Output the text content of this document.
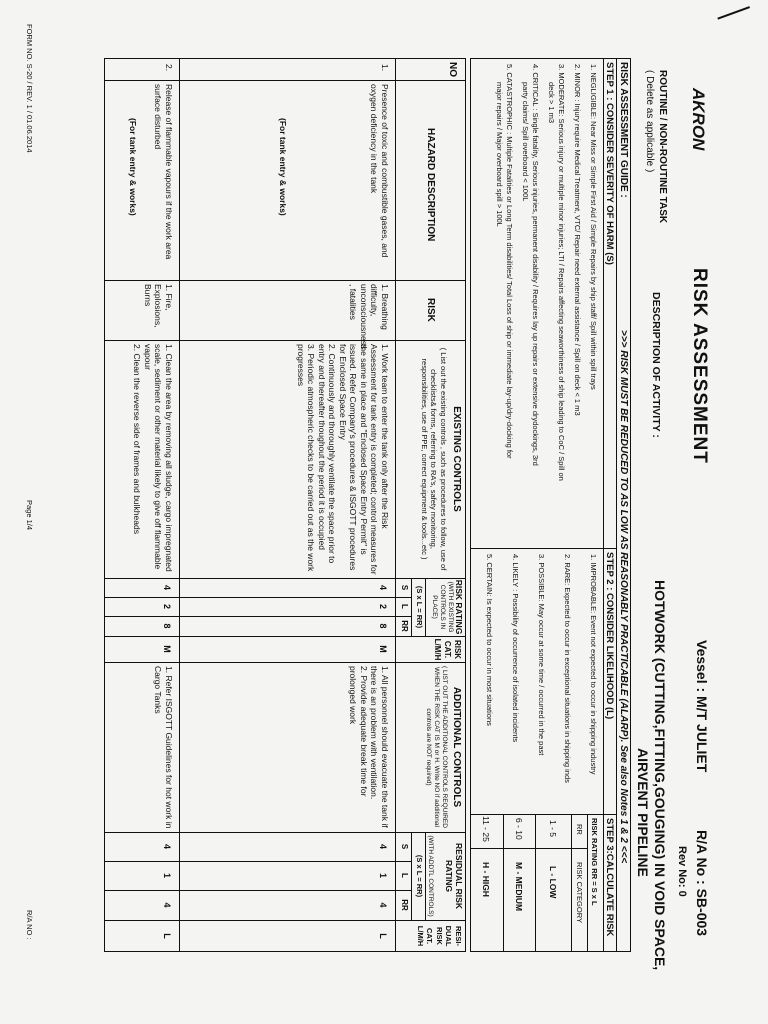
AKRON
RISK ASSESSMENT
Vessel : M/T JULIET
R/A No : SB-003
Rev No: 0
ROUTINE / NON-ROUTINE TASK
( Delete as applicable )
DESCRIPTION OF ACTIVITY :
HOTWORK (CUTTING,FITTING,GOUGING) IN VOID SPACE,
AIRVENT PIPELINE
RISK ASSESSMENT GUIDE :
>>> RISK MUST BE REDUCED TO AS LOW AS REASONABLY PRACTICABLE (ALARP). See also Notes 1 & 2 <<<
STEP 1 : CONSIDER SEVERITY OF HARM (S)
STEP 2 : CONSIDER LIKELIHOOD (L)
STEP 3:CALCULATE RISK
1. NEGLIGIBLE: Near Miss or Simple First Aid / Simple Repairs by ship staff/ Spill within spill trays
2. MINOR : Injury require Medical Treatment, VTC/ Repair need external assistance / Spill on deck < 1 m3
3. MODERATE: Serious injury or multiple minor injuries; LTI / Repairs affecting seaworthiness of ship leading to CoC / Spill on
deck > 1 m3
4. CRITICAL : Single fatality, Serious injuries, permanent disability / Requires lay up repairs or extensive drydockings, 3rd
party claims/ Spill overboard < 100L
5. CATASTROPHIC : Multiple Fatalities or Long Term disabilities/ Total Loss of ship or immediate lay-up/dry-docking for
major repairs / Major overboard spill > 100L
1. IMPROBABLE: Event not expected to occur in shipping industry
2. RARE: Expected to occur in exceptional situations in shipping inds
3. POSSIBLE: May occur at some time / occurred in the past
4. LIKELY : Possibility of occurrence of isolated incidents
5. CERTAIN: Is expected to occur in most situations
RISK RATING RR = S x L
RR
RISK CATEGORY
1 - 5
L - LOW
6 - 10
M - MEDIUM
11 - 25
H - HIGH
NO
HAZARD DESCRIPTION
RISK
EXISTING CONTROLS
( List out the existing controls , such as procedures to follow, use of checklists& forms, referring to RA's, safety monitoring, responsibilities, use of PPE, correct equipment & tools...etc )
RISK RATING
(WITH EXISTING CONTROLS IN PLACE)
(S x L = RR)
S
L
RR
RISK CAT. L/M/H
ADDITIONAL CONTROLS
( LIST OUT THE ADDITIONAL CONTROLS REQUIRED WHEN THE RISK CAT IS M or H. Write NO if additional controls are NOT required)
RESIDUAL RISK RATING
(WITH ADDTL CONTROLS)
(S x L = RR)
S
L
RR
RESI-DUAL RISK CAT. L/M/H
1.
Presence of toxic and combustible gases, and oxygen deficiency in the tank
(For tank entry & works)
1. Breathing difficulty, unconsciousness , fatalities
1. Work team to enter the tank only after the Risk Assessment for tank entry is completed; control measures for the same in place and "Enclosed Space Entry Permit" is issued. Refer Company's procedures & ISGOTT procedures for Enclosed Space Entry
2. Continuously and thoroughly ventilate the space prior to entry and thereafter thoughout the period it is occupied
3. Periodic atmospheric checks to be carried out as the work progresses
4
2
8
M
1. All personnel should evacuate the tank if there is an problem with ventilation.
2. Provide adequate break time for prolonged work
4
1
4
L
2.
Release of flammable vapours if the work area surface disturbed
(For tank entry & works)
1. Fire, Explosions, Burns
1. Clean the area by removing all sludge, cargo impregnated scale, sediment or other material likely to give off flammable vapour
2. Clean the reverse side of frames and bulkheads
4
2
8
M
1. Refer ISGOTT Guidelines for hot work in Cargo Tanks
4
1
4
L
FORM NO. S-20 / REV. 1 / 01.06.2014
Page 1/4
R/A NO :
